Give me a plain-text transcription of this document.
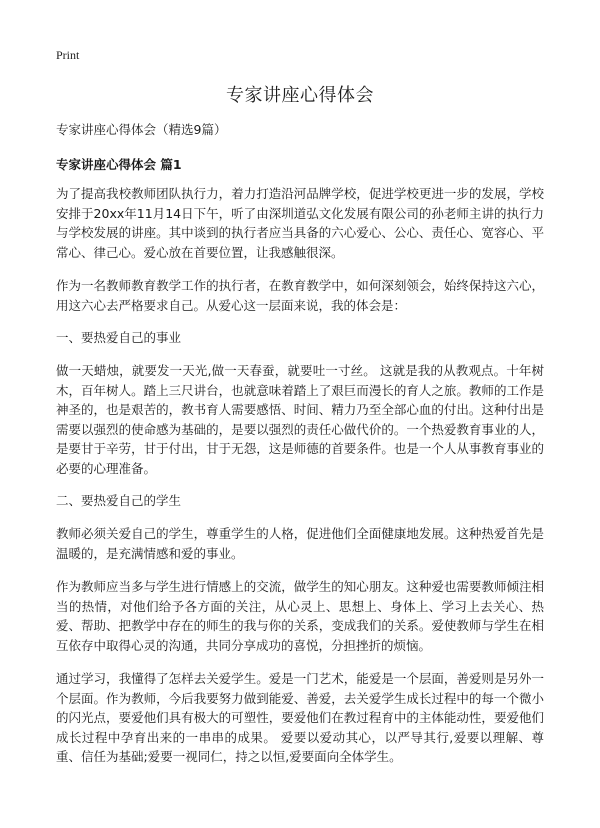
Print
专家讲座心得体会
专家讲座心得体会（精选9篇）
专家讲座心得体会 篇1

为了提高我校教师团队执行力，着力打造沿河品牌学校，促进学校更进一步的发展，学校安排于20xx年11月14日下午，听了由深圳道弘文化发展有限公司的孙老师主讲的执行力与学校发展的讲座。其中谈到的执行者应当具备的六心爱心、公心、责任心、宽容心、平常心、律己心。爱心放在首要位置，让我感触很深。

作为一名教师教育教学工作的执行者，在教育教学中，如何深刻领会，始终保持这六心，用这六心去严格要求自己。从爱心这一层面来说，我的体会是：

一、要热爱自己的事业

做一天蜡烛，就要发一天光,做一天春蚕，就要吐一寸丝。 这就是我的从教观点。十年树木，百年树人。踏上三尺讲台，也就意味着踏上了艰巨而漫长的育人之旅。教师的工作是神圣的，也是艰苦的，教书育人需要感悟、时间、精力乃至全部心血的付出。这种付出是需要以强烈的使命感为基础的，是要以强烈的责任心做代价的。一个热爱教育事业的人，是要甘于辛劳，甘于付出，甘于无怨，这是师德的首要条件。也是一个人从事教育事业的必要的心理准备。

二、要热爱自己的学生

教师必须关爱自己的学生，尊重学生的人格，促进他们全面健康地发展。这种热爱首先是温暖的，是充满情感和爱的事业。

作为教师应当多与学生进行情感上的交流，做学生的知心朋友。这种爱也需要教师倾注相当的热情，对他们给予各方面的关注，从心灵上、思想上、身体上、学习上去关心、热爱、帮助、把教学中存在的师生的我与你的关系，变成我们的关系。爱使教师与学生在相互依存中取得心灵的沟通，共同分享成功的喜悦，分担挫折的烦恼。

通过学习，我懂得了怎样去关爱学生。爱是一门艺术，能爱是一个层面，善爱则是另外一个层面。作为教师，今后我要努力做到能爱、善爱，去关爱学生成长过程中的每一个微小的闪光点，要爱他们具有极大的可塑性，要爱他们在教过程育中的主体能动性，要爱他们成长过程中孕育出来的一串串的成果。 爱要以爱动其心，以严导其行,爱要以理解、尊重、信任为基础;爱要一视同仁，持之以恒,爱要面向全体学生。
